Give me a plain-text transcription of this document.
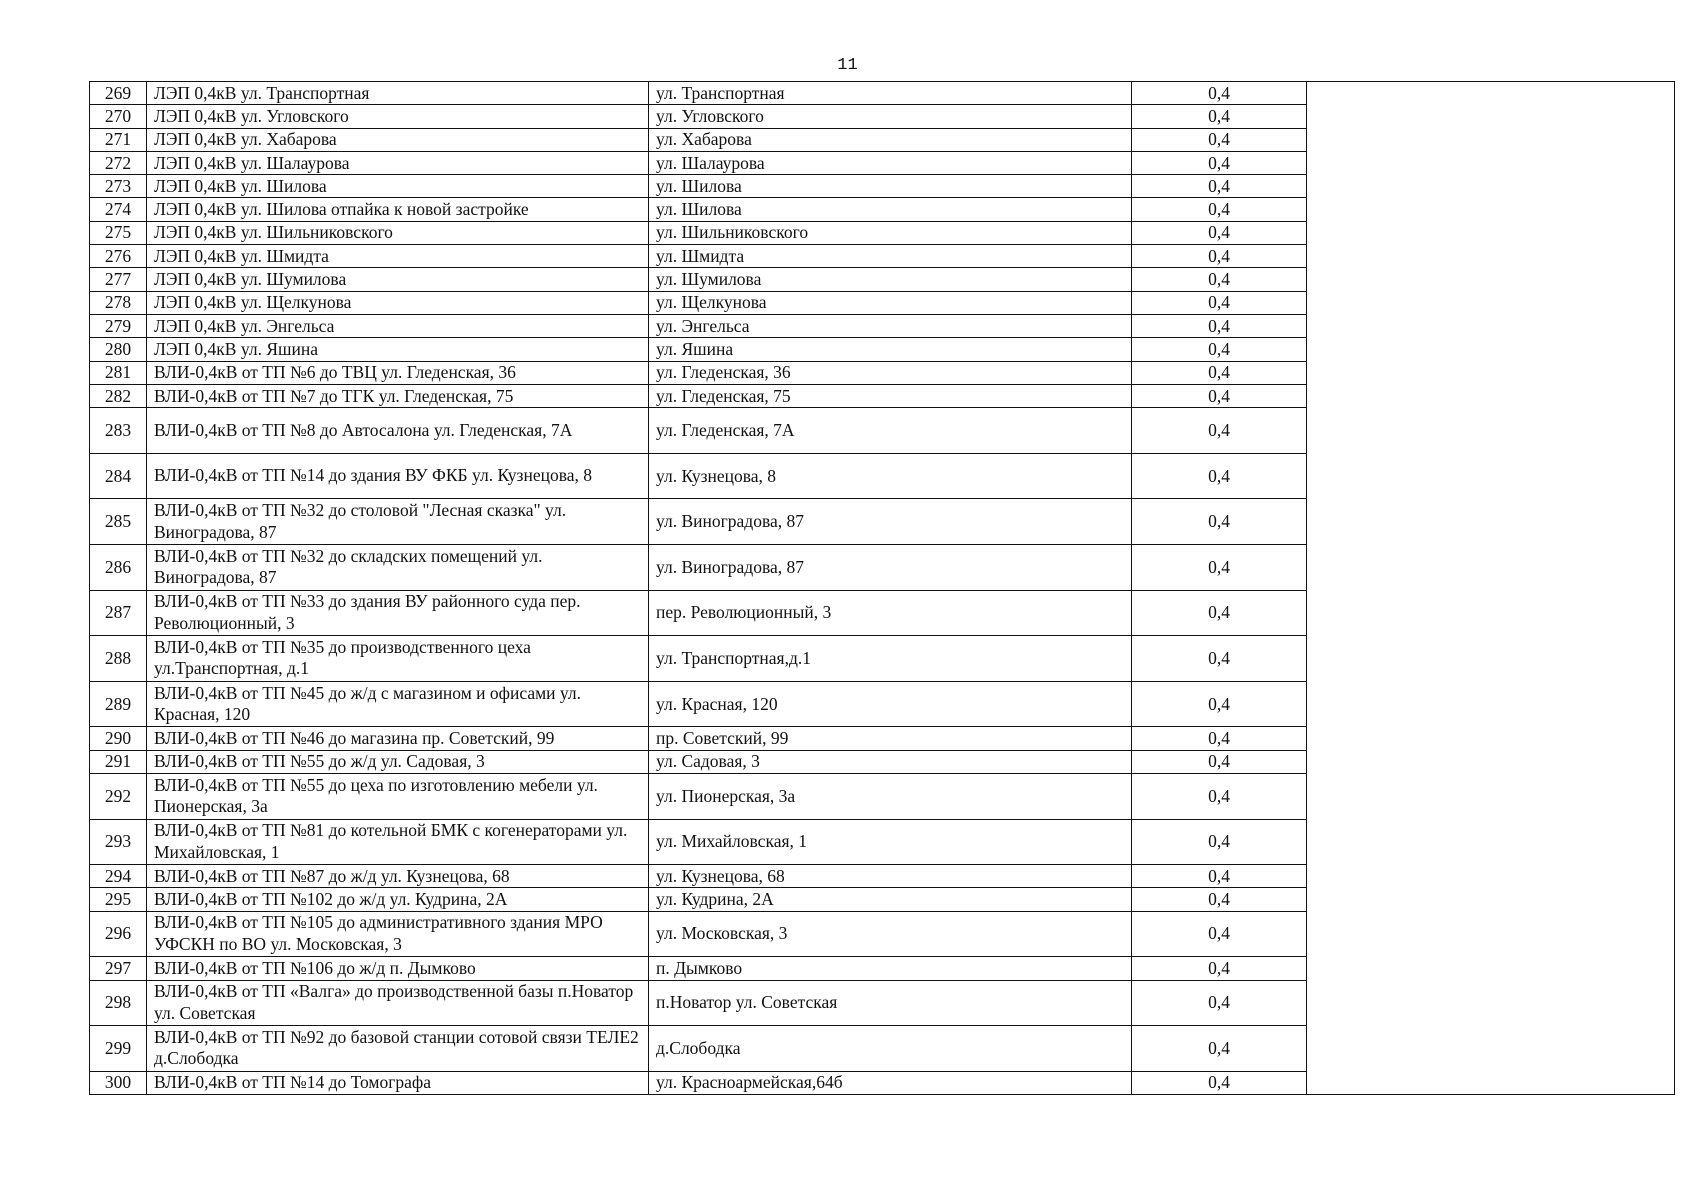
11
269	ЛЭП 0,4кВ ул. Транспортная	ул. Транспортная	0,4	
270	ЛЭП 0,4кВ ул. Угловского	ул. Угловского	0,4	
271	ЛЭП 0,4кВ ул. Хабарова	ул. Хабарова	0,4	
272	ЛЭП 0,4кВ ул. Шалаурова	ул. Шалаурова	0,4	
273	ЛЭП 0,4кВ ул. Шилова	ул. Шилова	0,4	
274	ЛЭП 0,4кВ ул. Шилова отпайка к новой застройке	ул. Шилова	0,4	
275	ЛЭП 0,4кВ ул. Шильниковского	ул. Шильниковского	0,4	
276	ЛЭП 0,4кВ ул. Шмидта	ул. Шмидта	0,4	
277	ЛЭП 0,4кВ ул. Шумилова	ул. Шумилова	0,4	
278	ЛЭП 0,4кВ ул. Щелкунова	ул. Щелкунова	0,4	
279	ЛЭП 0,4кВ ул. Энгельса	ул. Энгельса	0,4	
280	ЛЭП 0,4кВ ул. Яшина	ул. Яшина	0,4	
281	ВЛИ-0,4кВ от ТП №6 до ТВЦ ул. Гледенская, 36	ул. Гледенская, 36	0,4	
282	ВЛИ-0,4кВ от ТП №7 до ТГК ул. Гледенская, 75	ул. Гледенская, 75	0,4	
283	ВЛИ-0,4кВ от ТП №8 до Автосалона ул. Гледенская, 7А	ул. Гледенская, 7А	0,4	
284	ВЛИ-0,4кВ от ТП №14 до здания ВУ ФКБ ул. Кузнецова, 8	ул. Кузнецова, 8	0,4	
285	ВЛИ-0,4кВ от ТП №32 до столовой "Лесная сказка" ул. Виноградова, 87	ул. Виноградова, 87	0,4	
286	ВЛИ-0,4кВ от ТП №32 до складских помещений ул. Виноградова, 87	ул. Виноградова, 87	0,4	
287	ВЛИ-0,4кВ от ТП №33 до здания ВУ районного суда пер. Революционный, 3	пер. Революционный, 3	0,4	
288	ВЛИ-0,4кВ от ТП №35 до производственного цеха ул.Транспортная, д.1	ул. Транспортная,д.1	0,4	
289	ВЛИ-0,4кВ от ТП №45 до ж/д с магазином и офисами ул. Красная, 120	ул. Красная, 120	0,4	
290	ВЛИ-0,4кВ от ТП №46 до магазина пр. Советский, 99	пр. Советский, 99	0,4	
291	ВЛИ-0,4кВ от ТП №55 до ж/д ул. Садовая, 3	ул. Садовая, 3	0,4	
292	ВЛИ-0,4кВ от ТП №55 до цеха по изготовлению мебели ул. Пионерская, 3а	ул. Пионерская, 3а	0,4	
293	ВЛИ-0,4кВ от ТП №81 до котельной БМК с когенераторами ул. Михайловская, 1	ул. Михайловская, 1	0,4	
294	ВЛИ-0,4кВ от ТП №87 до ж/д ул. Кузнецова, 68	ул. Кузнецова, 68	0,4	
295	ВЛИ-0,4кВ от ТП №102 до ж/д ул. Кудрина, 2А	ул. Кудрина, 2А	0,4	
296	ВЛИ-0,4кВ от ТП №105 до административного здания МРО УФСКН по ВО ул. Московская, 3	ул. Московская, 3	0,4	
297	ВЛИ-0,4кВ от ТП №106 до ж/д п. Дымково	п. Дымково	0,4	
298	ВЛИ-0,4кВ от ТП «Валга» до производственной базы п.Новатор ул. Советская	п.Новатор ул. Советская	0,4	
299	ВЛИ-0,4кВ от ТП №92 до базовой станции сотовой связи ТЕЛЕ2 д.Слободка	д.Слободка	0,4	
300	ВЛИ-0,4кВ от ТП №14 до Томографа	ул. Красноармейская,64б	0,4	
